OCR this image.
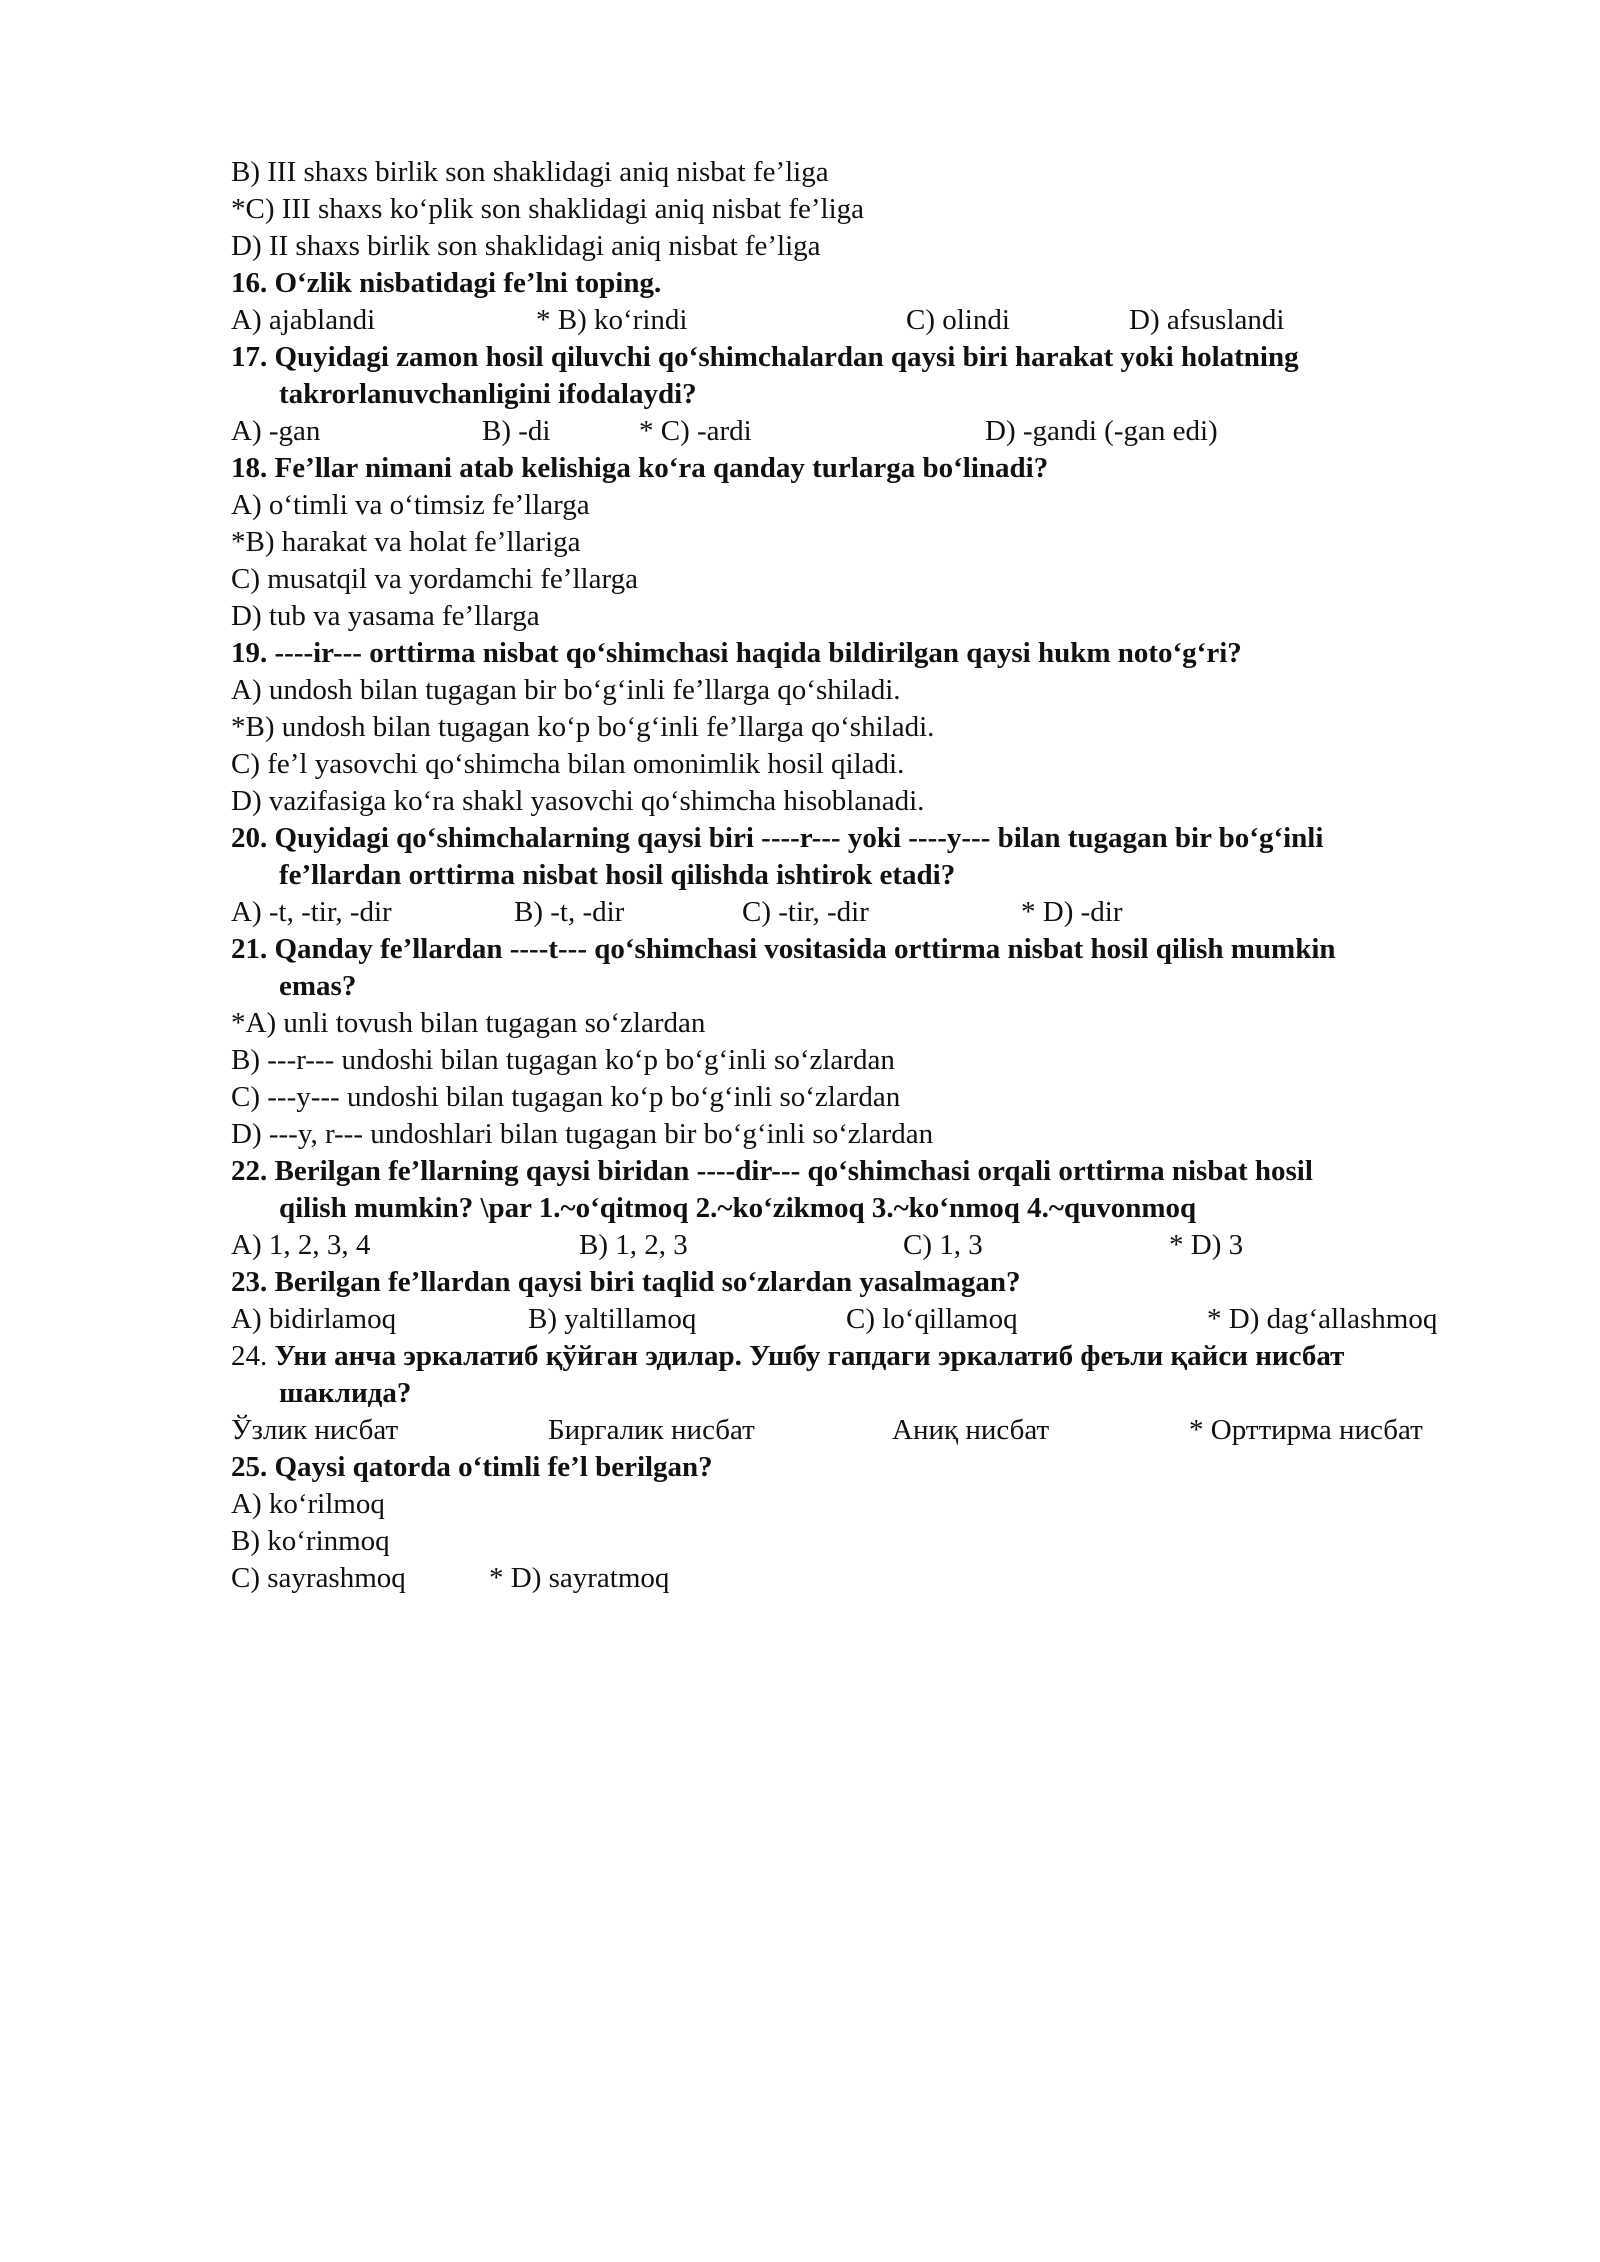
B) III shaxs birlik son shaklidagi aniq nisbat fe’liga
*C) III shaxs ko‘plik son shaklidagi aniq nisbat fe’liga
D) II shaxs birlik son shaklidagi aniq nisbat fe’liga
16. O‘zlik nisbatidagi fe’lni toping.
A) ajablandi	* B) ko‘rindi	C) olindi	D) afsuslandi
17. Quyidagi zamon hosil qiluvchi qo‘shimchalardan qaysi biri harakat yoki holatning
takrorlanuvchanligini ifodalaydi?
A) -gan	B) -di	* C) -ardi	D) -gandi (-gan edi)
18. Fe’llar nimani atab kelishiga ko‘ra qanday turlarga bo‘linadi?
A) o‘timli va o‘timsiz fe’llarga
*B) harakat va holat fe’llariga
C) musatqil va yordamchi fe’llarga
D) tub va yasama fe’llarga
19. ----ir--- orttirma nisbat qo‘shimchasi haqida bildirilgan qaysi hukm noto‘g‘ri?
A) undosh bilan tugagan bir bo‘g‘inli fe’llarga qo‘shiladi.
*B) undosh bilan tugagan ko‘p bo‘g‘inli fe’llarga qo‘shiladi.
C) fe’l yasovchi qo‘shimcha bilan omonimlik hosil qiladi.
D) vazifasiga ko‘ra shakl yasovchi qo‘shimcha hisoblanadi.
20. Quyidagi qo‘shimchalarning qaysi biri ----r--- yoki ----y--- bilan tugagan bir bo‘g‘inli
fe’llardan orttirma nisbat hosil qilishda ishtirok etadi?
A) -t, -tir, -dir	B) -t, -dir	C) -tir, -dir	* D) -dir
21. Qanday fe’llardan ----t--- qo‘shimchasi vositasida orttirma nisbat hosil qilish mumkin
emas?
*A) unli tovush bilan tugagan so‘zlardan
B) ---r--- undoshi bilan tugagan ko‘p bo‘g‘inli so‘zlardan
C) ---y--- undoshi bilan tugagan ko‘p bo‘g‘inli so‘zlardan
D) ---y, r--- undoshlari bilan tugagan bir bo‘g‘inli so‘zlardan
22. Berilgan fe’llarning qaysi biridan ----dir--- qo‘shimchasi orqali orttirma nisbat hosil
qilish mumkin? \par 1.~o‘qitmoq 2.~ko‘zikmoq 3.~ko‘nmoq 4.~quvonmoq
A) 1, 2, 3, 4	B) 1, 2, 3	C) 1, 3	* D) 3
23. Berilgan fe’llardan qaysi biri taqlid so‘zlardan yasalmagan?
A) bidirlamoq	B) yaltillamoq	C) lo‘qillamoq	* D) dag‘allashmoq
24. Уни анча эркалатиб қўйган эдилар. Ушбу гапдаги эркалатиб феъли қайси нисбат
шаклида?
Ўзлик нисбат	Биргалик нисбат	Аниқ нисбат	* Орттирма нисбат
25. Qaysi qatorda o‘timli fe’l berilgan?
A) ko‘rilmoq
B) ko‘rinmoq
C) sayrashmoq	* D) sayratmoq
